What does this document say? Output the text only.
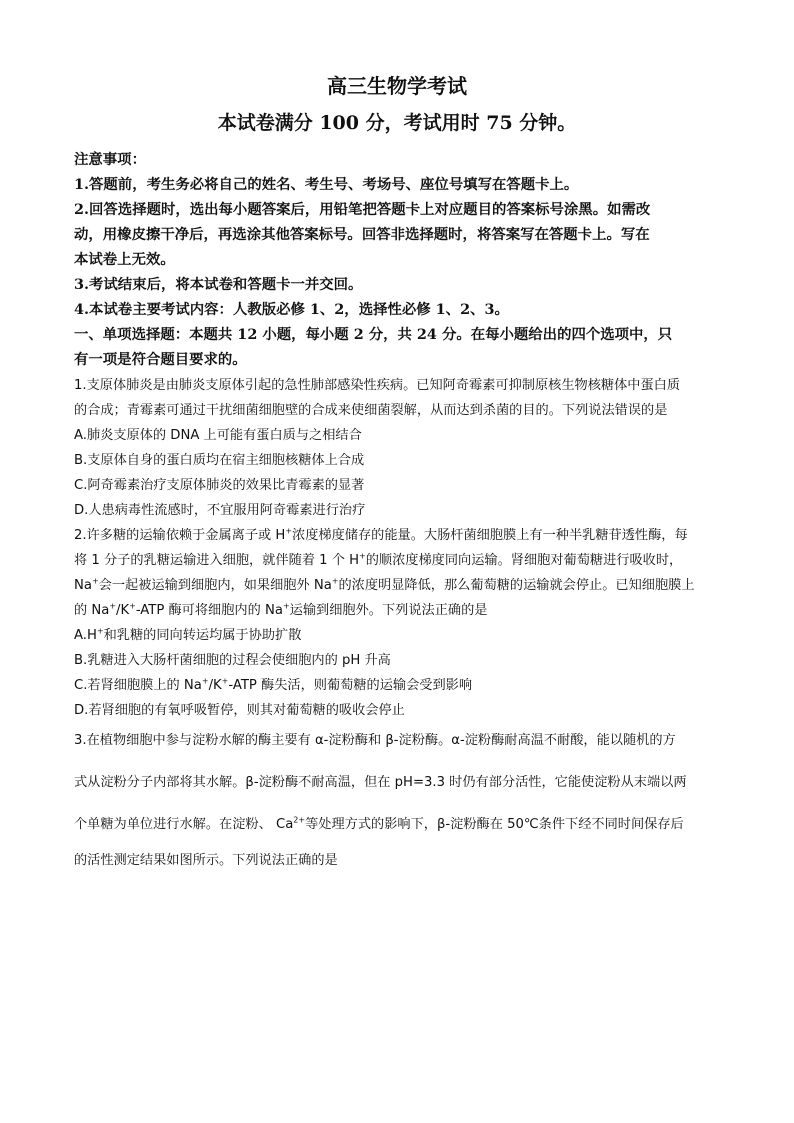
高三生物学考试
本试卷满分 100 分，考试用时 75 分钟。
注意事项：
1.答题前，考生务必将自己的姓名、考生号、考场号、座位号填写在答题卡上。
2.回答选择题时，选出每小题答案后，用铅笔把答题卡上对应题目的答案标号涂黑。如需改
动，用橡皮擦干净后，再选涂其他答案标号。回答非选择题时，将答案写在答题卡上。写在
本试卷上无效。
3.考试结束后，将本试卷和答题卡一并交回。
4.本试卷主要考试内容：人教版必修 1、2，选择性必修 1、2、3。
一、单项选择题：本题共 12 小题，每小题 2 分，共 24 分。在每小题给出的四个选项中，只
有一项是符合题目要求的。
1.支原体肺炎是由肺炎支原体引起的急性肺部感染性疾病。已知阿奇霉素可抑制原核生物核糖体中蛋白质
的合成；青霉素可通过干扰细菌细胞壁的合成来使细菌裂解，从而达到杀菌的目的。下列说法错误的是
A.肺炎支原体的 DNA 上可能有蛋白质与之相结合
B.支原体自身的蛋白质均在宿主细胞核糖体上合成
C.阿奇霉素治疗支原体肺炎的效果比青霉素的显著
D.人患病毒性流感时，不宜服用阿奇霉素进行治疗
2.许多糖的运输依赖于金属离子或 H+浓度梯度储存的能量。大肠杆菌细胞膜上有一种半乳糖苷透性酶，每
将 1 分子的乳糖运输进入细胞，就伴随着 1 个 H+的顺浓度梯度同向运输。肾细胞对葡萄糖进行吸收时，
Na+会一起被运输到细胞内，如果细胞外 Na+的浓度明显降低，那么葡萄糖的运输就会停止。已知细胞膜上
的 Na+/K+-ATP 酶可将细胞内的 Na+运输到细胞外。下列说法正确的是
A.H+和乳糖的同向转运均属于协助扩散
B.乳糖进入大肠杆菌细胞的过程会使细胞内的 pH 升高
C.若肾细胞膜上的 Na+/K+-ATP 酶失活，则葡萄糖的运输会受到影响
D.若肾细胞的有氧呼吸暂停，则其对葡萄糖的吸收会停止
3.在植物细胞中参与淀粉水解的酶主要有 α-淀粉酶和 β-淀粉酶。α-淀粉酶耐高温不耐酸，能以随机的方
式从淀粉分子内部将其水解。β-淀粉酶不耐高温，但在 pH=3.3 时仍有部分活性，它能使淀粉从末端以两
个单糖为单位进行水解。在淀粉、 $Ca^{2+}$等处理方式的影响下，β-淀粉酶在 50℃条件下经不同时间保存后
的活性测定结果如图所示。下列说法正确的是
